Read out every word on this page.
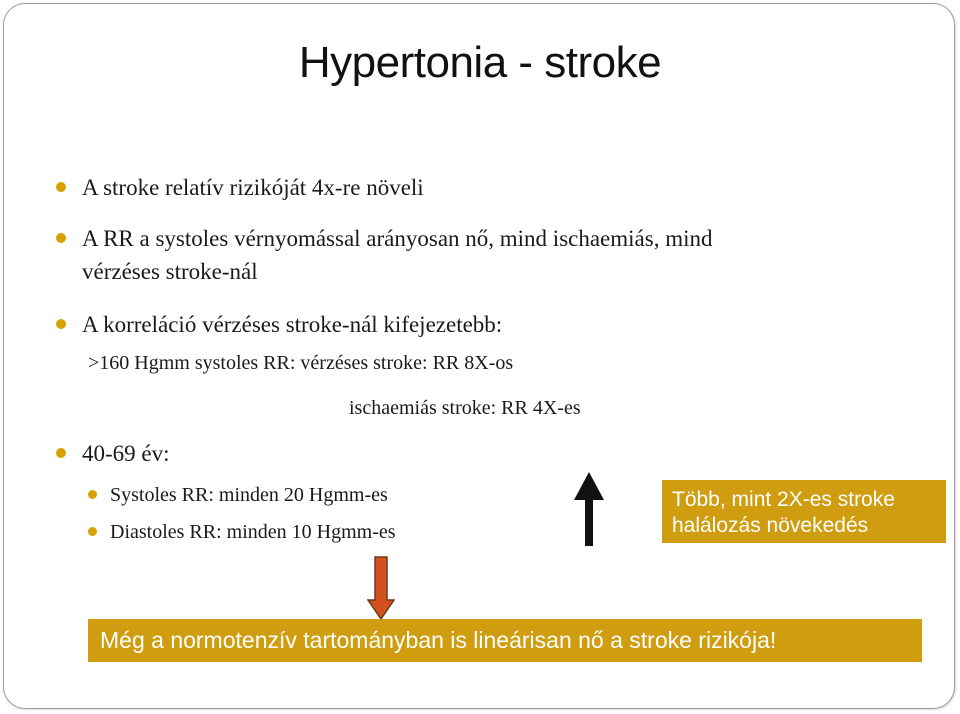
Hypertonia - stroke
A stroke relatív rizikóját 4x-re növeli
A RR a systoles vérnyomással arányosan nő, mind ischaemiás, mind
vérzéses stroke-nál
A korreláció vérzéses stroke-nál kifejezetebb:
>160 Hgmm systoles RR: vérzéses stroke: RR 8X-os
ischaemiás stroke: RR 4X-es
40-69 év:
Systoles RR: minden 20 Hgmm-es
Diastoles RR: minden 10 Hgmm-es
Több, mint 2X-es stroke
halálozás növekedés
Még a normotenzív tartományban is lineárisan nő a stroke rizikója!
